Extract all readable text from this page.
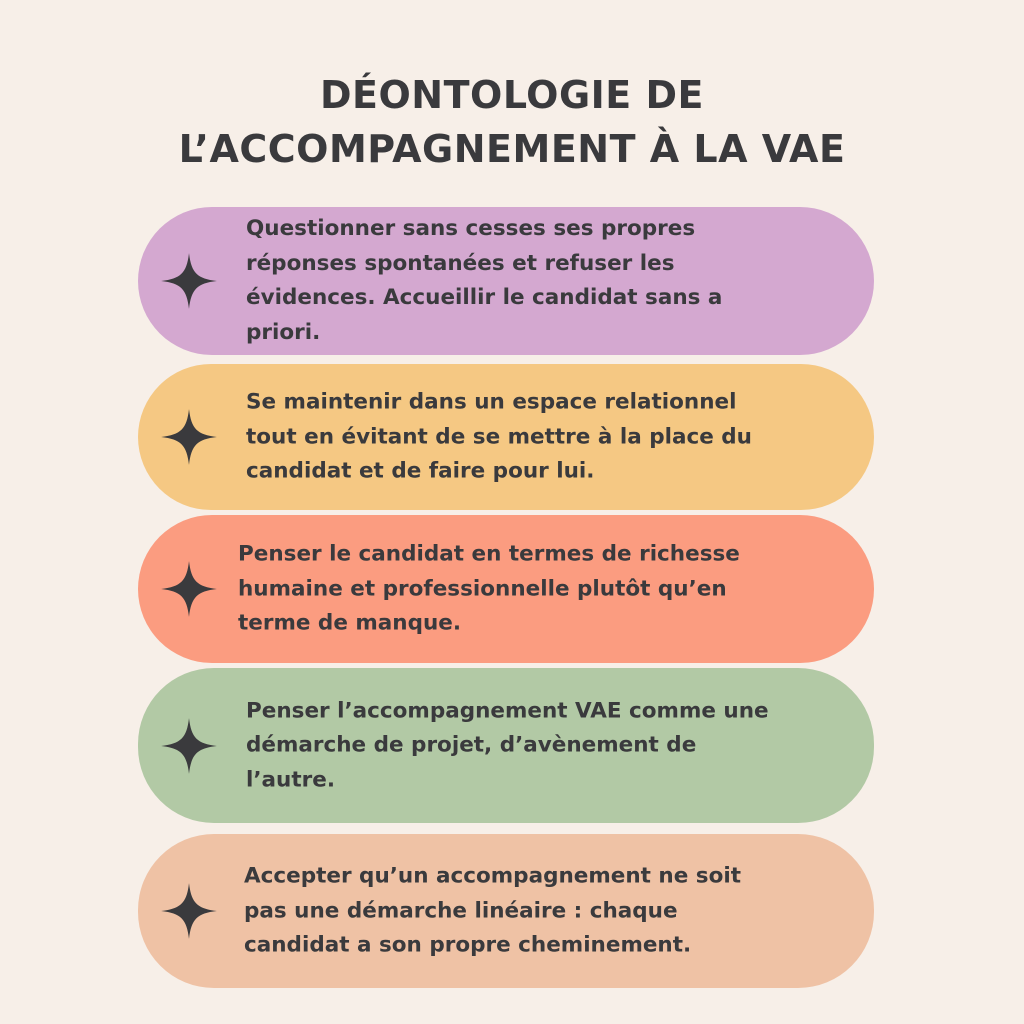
DÉONTOLOGIE DE
L’ACCOMPAGNEMENT À LA VAE

Questionner sans cesses ses propres
réponses spontanées et refuser les
évidences. Accueillir le candidat sans a
priori.

Se maintenir dans un espace relationnel
tout en évitant de se mettre à la place du
candidat et de faire pour lui.

Penser le candidat en termes de richesse
humaine et professionnelle plutôt qu’en
terme de manque.

Penser l’accompagnement VAE comme une
démarche de projet, d’avènement de
l’autre.

Accepter qu’un accompagnement ne soit
pas une démarche linéaire : chaque
candidat a son propre cheminement.
